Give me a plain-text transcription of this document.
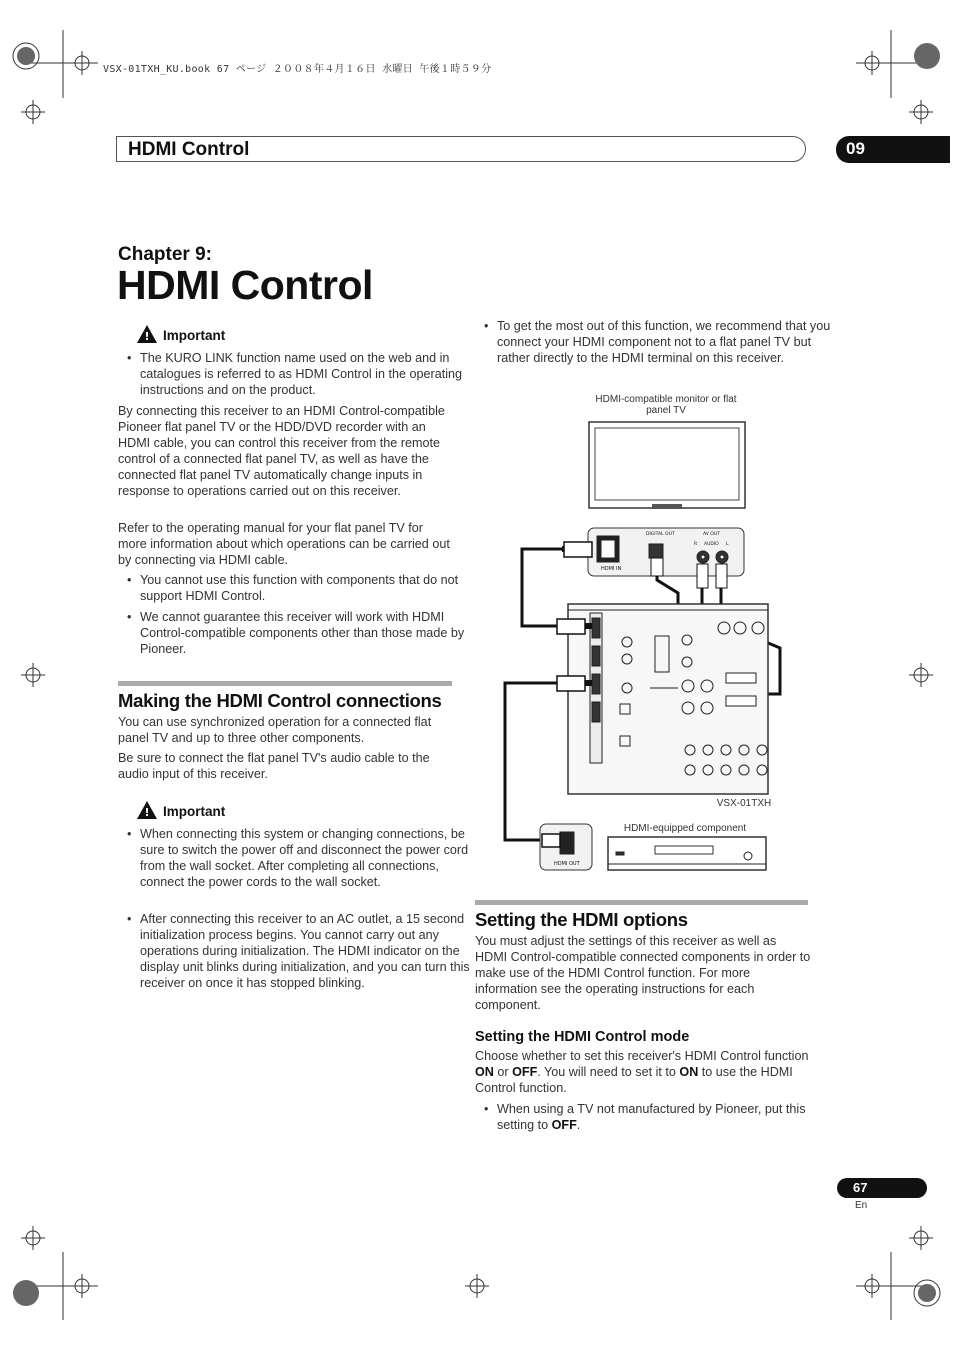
VSX-01TXH_KU.book 67 ページ ２００８年４月１６日 水曜日 午後１時５９分
HDMI Control	09
Chapter 9:
HDMI Control
! Important
• The KURO LINK function name used on the web and in catalogues is referred to as HDMI Control in the operating instructions and on the product.
By connecting this receiver to an HDMI Control-compatible Pioneer flat panel TV or the HDD/DVD recorder with an HDMI cable, you can control this receiver from the remote control of a connected flat panel TV, as well as have the connected flat panel TV automatically change inputs in response to operations carried out on this receiver.
Refer to the operating manual for your flat panel TV for more information about which operations can be carried out by connecting via HDMI cable.
• You cannot use this function with components that do not support HDMI Control.
• We cannot guarantee this receiver will work with HDMI Control-compatible components other than those made by Pioneer.
Making the HDMI Control connections
You can use synchronized operation for a connected flat panel TV and up to three other components.
Be sure to connect the flat panel TV's audio cable to the audio input of this receiver.
! Important
• When connecting this system or changing connections, be sure to switch the power off and disconnect the power cord from the wall socket. After completing all connections, connect the power cords to the wall socket.
• After connecting this receiver to an AC outlet, a 15 second initialization process begins. You cannot carry out any operations during initialization. The HDMI indicator on the display unit blinks during initialization, and you can turn this receiver on once it has stopped blinking.
• To get the most out of this function, we recommend that you connect your HDMI component not to a flat panel TV but rather directly to the HDMI terminal on this receiver.
HDMI-compatible monitor or flat panel TV
HDMI IN
DIGITAL OUT	AV OUT
AUDIO
R	L
HDMI OUT
VSX-01TXH
HDMI-equipped component
Setting the HDMI options
You must adjust the settings of this receiver as well as HDMI Control-compatible connected components in order to make use of the HDMI Control function. For more information see the operating instructions for each component.
Setting the HDMI Control mode
Choose whether to set this receiver's HDMI Control function ON or OFF. You will need to set it to ON to use the HDMI Control function.
• When using a TV not manufactured by Pioneer, put this setting to OFF.
67
En
